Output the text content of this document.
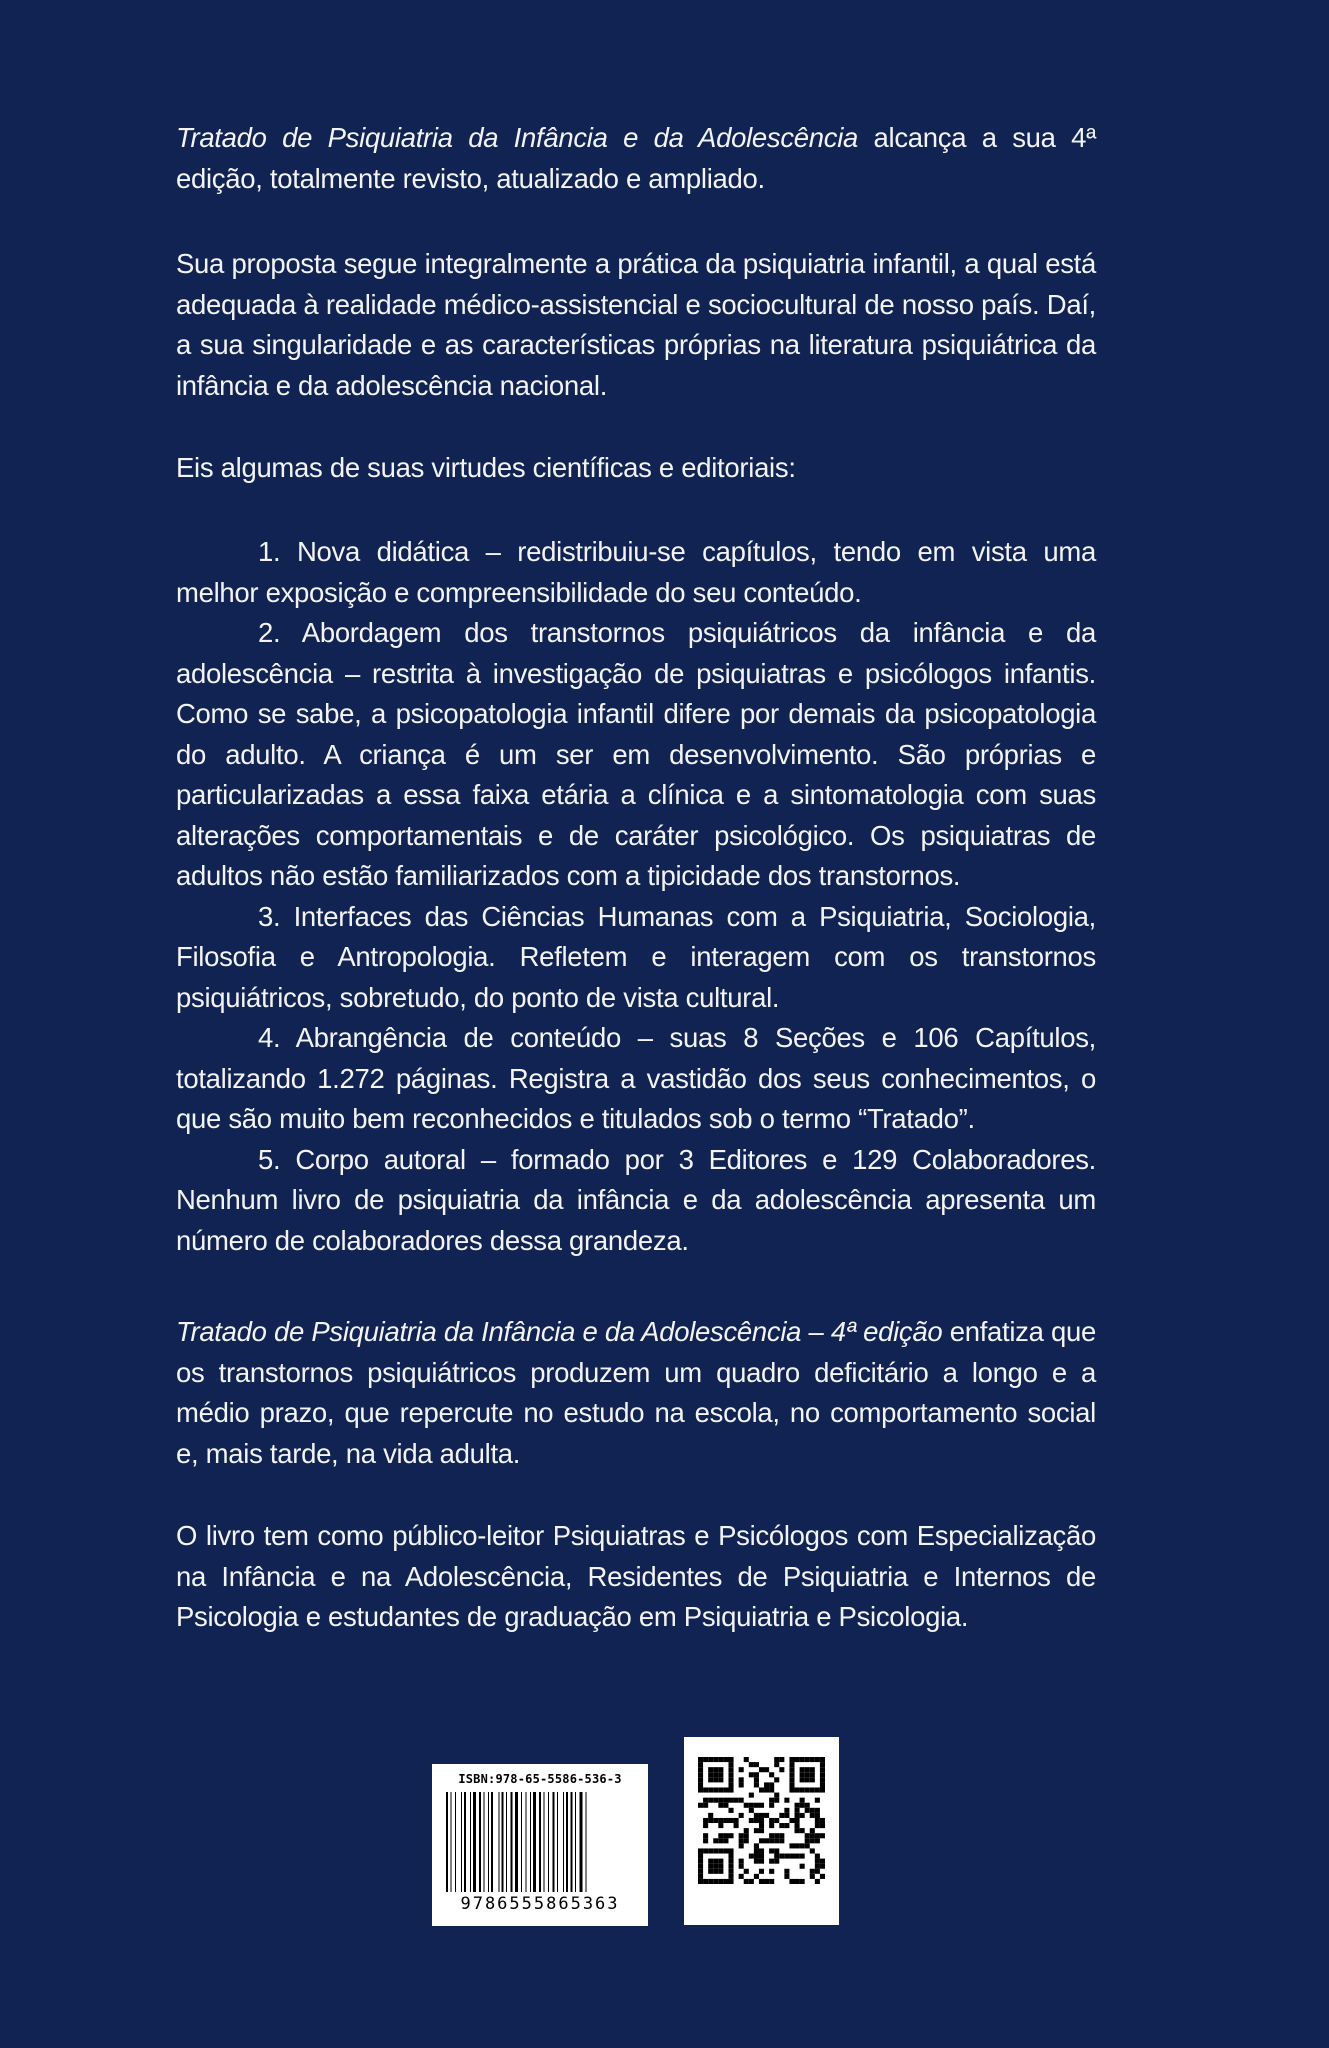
Tratado de Psiquiatria da Infância e da Adolescência alcança a sua 4ª edição, totalmente revisto, atualizado e ampliado.

Sua proposta segue integralmente a prática da psiquiatria infantil, a qual está adequada à realidade médico-assistencial e sociocultural de nosso país. Daí, a sua singularidade e as características próprias na literatura psiquiátrica da infância e da adolescência nacional.

Eis algumas de suas virtudes científicas e editoriais:

1. Nova didática – redistribuiu-se capítulos, tendo em vista uma melhor exposição e compreensibilidade do seu conteúdo.

2. Abordagem dos transtornos psiquiátricos da infância e da adolescência – restrita à investigação de psiquiatras e psicólogos infantis. Como se sabe, a psicopatologia infantil difere por demais da psicopatologia do adulto. A criança é um ser em desenvolvimento. São próprias e particularizadas a essa faixa etária a clínica e a sintomatologia com suas alterações comportamentais e de caráter psicológico. Os psiquiatras de adultos não estão familiarizados com a tipicidade dos transtornos.

3. Interfaces das Ciências Humanas com a Psiquiatria, Sociologia, Filosofia e Antropologia. Refletem e interagem com os transtornos psiquiátricos, sobretudo, do ponto de vista cultural.

4. Abrangência de conteúdo – suas 8 Seções e 106 Capítulos, totalizando 1.272 páginas. Registra a vastidão dos seus conhecimentos, o que são muito bem reconhecidos e titulados sob o termo “Tratado”.

5. Corpo autoral – formado por 3 Editores e 129 Colaboradores. Nenhum livro de psiquiatria da infância e da adolescência apresenta um número de colaboradores dessa grandeza.

Tratado de Psiquiatria da Infância e da Adolescência – 4ª edição enfatiza que os transtornos psiquiátricos produzem um quadro deficitário a longo e a médio prazo, que repercute no estudo na escola, no comportamento social e, mais tarde, na vida adulta.

O livro tem como público-leitor Psiquiatras e Psicólogos com Especialização na Infância e na Adolescência, Residentes de Psiquiatria e Internos de Psicologia e estudantes de graduação em Psiquiatria e Psicologia.

ISBN:978-65-5586-536-3
9786555865363
